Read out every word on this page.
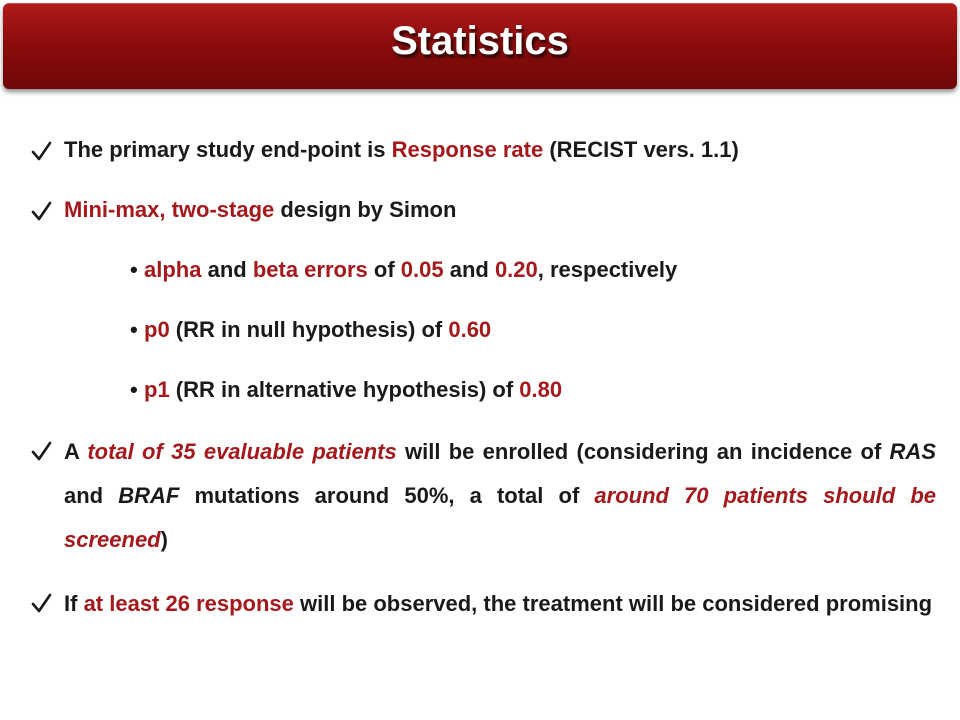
Statistics
The primary study end-point is Response rate (RECIST vers. 1.1)
Mini-max, two-stage design by Simon
• alpha and beta errors of 0.05 and 0.20, respectively
• p0 (RR in null hypothesis) of 0.60
• p1 (RR in alternative hypothesis) of 0.80
A total of 35 evaluable patients will be enrolled (considering an incidence of RAS and BRAF mutations around 50%, a total of around 70 patients should be screened)
If at least 26 response will be observed, the treatment will be considered promising
